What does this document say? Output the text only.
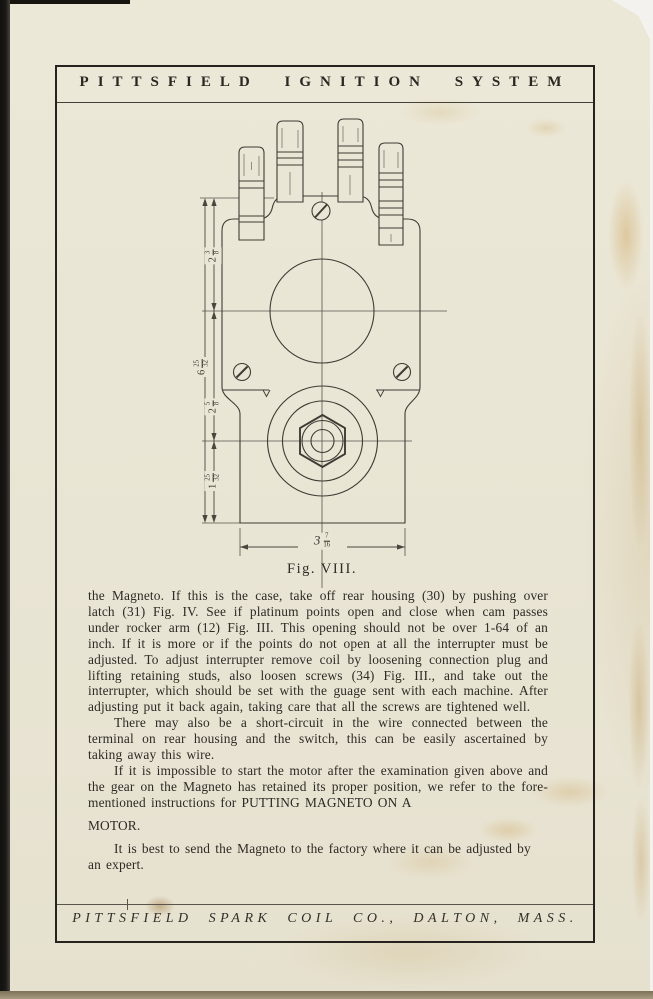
PITTSFIELD IGNITION SYSTEM
6
25 32
2
3 8
2
5 8
1
25 32
$3 \frac{7}{16}$
Fig. VIII.

the Magneto. If this is the case, take off rear housing (30) by pushing over latch (31) Fig. IV. See if platinum points open and close when cam passes under rocker arm (12) Fig. III. This opening should not be over 1-64 of an inch. If it is more or if the points do not open at all the interrupter must be adjusted. To adjust interrupter remove coil by loosening connection plug and lifting retaining studs, also loosen screws (34) Fig. III., and take out the interrupter, which should be set with the guage sent with each machine. After adjusting put it back again, taking care that all the screws are tightened well.

There may also be a short-circuit in the wire connected between the terminal on rear housing and the switch, this can be easily ascertained by taking away this wire.

If it is impossible to start the motor after the examination given above and the gear on the Magneto has retained its proper position, we refer to the fore-mentioned instructions for PUTTING MAGNETO ON A

MOTOR.

It is best to send the Magneto to the factory where it can be adjusted by an expert.

PITTSFIELD SPARK COIL CO., DALTON, MASS.
